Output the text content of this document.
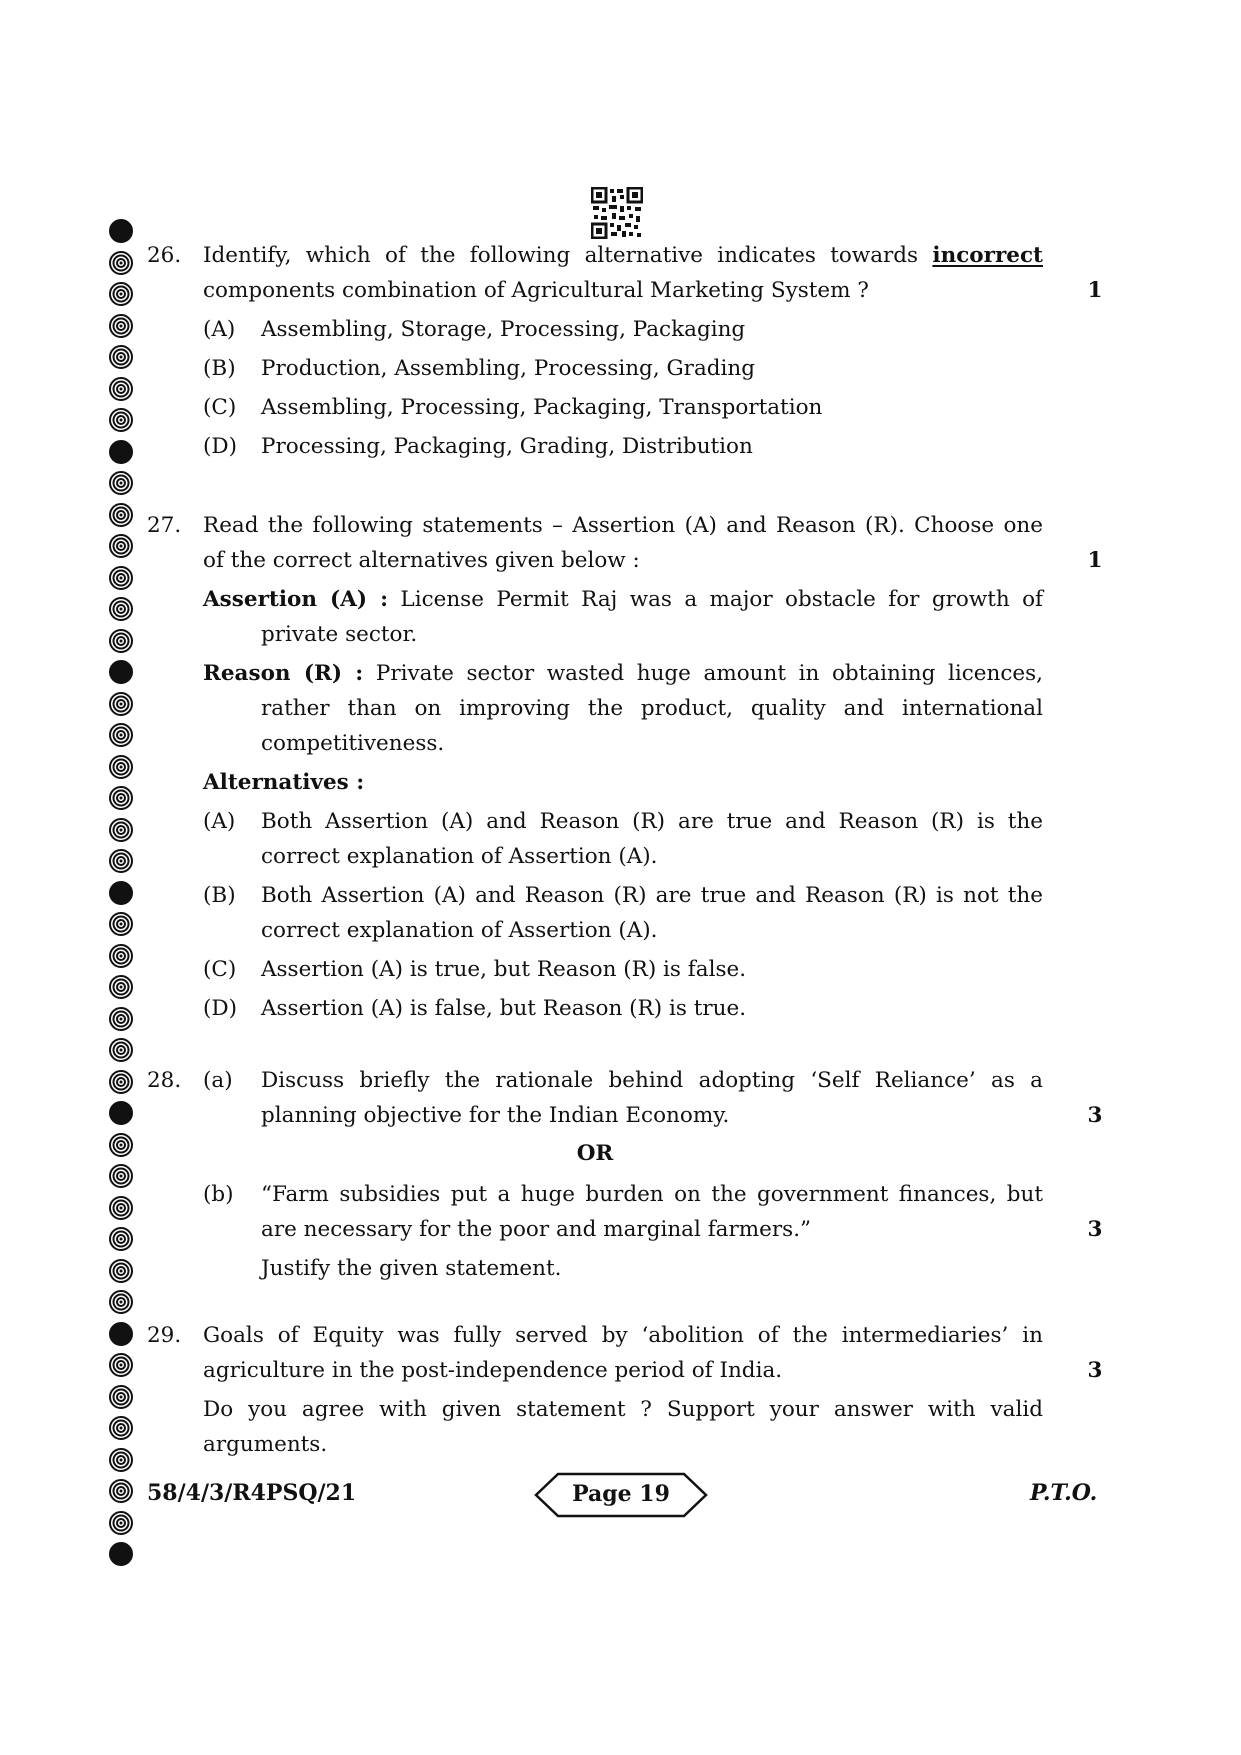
26. Identify, which of the following alternative indicates towards incorrect
components combination of Agricultural Marketing System ?	1
(A) Assembling, Storage, Processing, Packaging
(B) Production, Assembling, Processing, Grading
(C) Assembling, Processing, Packaging, Transportation
(D) Processing, Packaging, Grading, Distribution
27. Read the following statements – Assertion (A) and Reason (R). Choose one
of the correct alternatives given below :	1
Assertion (A) : License Permit Raj was a major obstacle for growth of
private sector.
Reason (R) : Private sector wasted huge amount in obtaining licences,
rather than on improving the product, quality and international
competitiveness.
Alternatives :
(A) Both Assertion (A) and Reason (R) are true and Reason (R) is the
correct explanation of Assertion (A).
(B) Both Assertion (A) and Reason (R) are true and Reason (R) is not the
correct explanation of Assertion (A).
(C) Assertion (A) is true, but Reason (R) is false.
(D) Assertion (A) is false, but Reason (R) is true.
28. (a) Discuss briefly the rationale behind adopting ‘Self Reliance’ as a
planning objective for the Indian Economy.	3
OR
(b) “Farm subsidies put a huge burden on the government finances, but
are necessary for the poor and marginal farmers.”	3
Justify the given statement.
29. Goals of Equity was fully served by ‘abolition of the intermediaries’ in
agriculture in the post-independence period of India.	3
Do you agree with given statement ? Support your answer with valid
arguments.
58/4/3/R4PSQ/21	Page 19	P.T.O.
